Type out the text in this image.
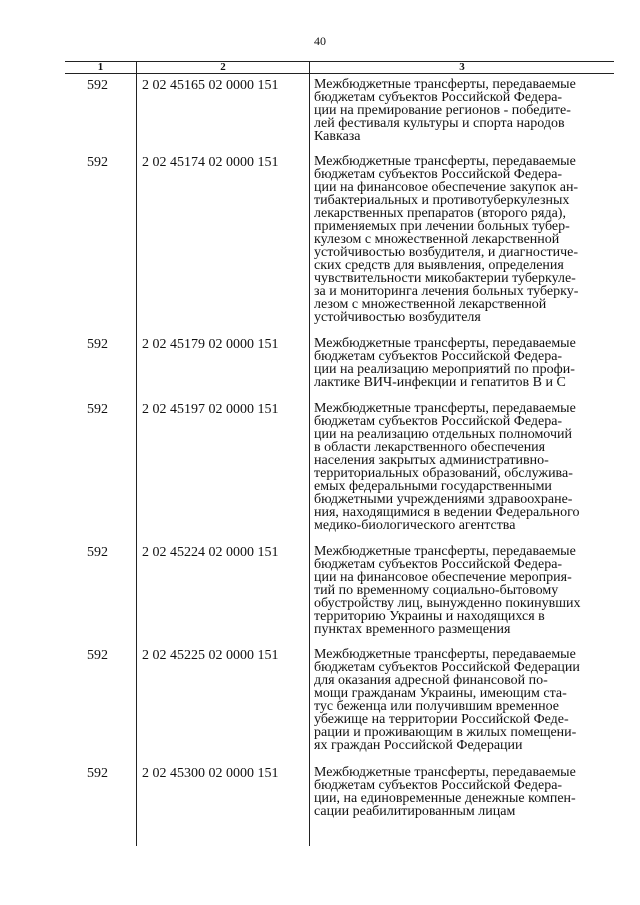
40
1	2	3
592	2 02 45165 02 0000 151	Межбюджетные трансферты, передаваемые
бюджетам субъектов Российской Федера-
ции на премирование регионов - победите-
лей фестиваля культуры и спорта народов
Кавказа
592	2 02 45174 02 0000 151	Межбюджетные трансферты, передаваемые
бюджетам субъектов Российской Федера-
ции на финансовое обеспечение закупок ан-
тибактериальных и противотуберкулезных
лекарственных препаратов (второго ряда),
применяемых при лечении больных тубер-
кулезом с множественной лекарственной
устойчивостью возбудителя, и диагностиче-
ских средств для выявления, определения
чувствительности микобактерии туберкуле-
за и мониторинга лечения больных туберку-
лезом с множественной лекарственной
устойчивостью возбудителя
592	2 02 45179 02 0000 151	Межбюджетные трансферты, передаваемые
бюджетам субъектов Российской Федера-
ции на реализацию мероприятий по профи-
лактике ВИЧ-инфекции и гепатитов В и С
592	2 02 45197 02 0000 151	Межбюджетные трансферты, передаваемые
бюджетам субъектов Российской Федера-
ции на реализацию отдельных полномочий
в области лекарственного обеспечения
населения закрытых административно-
территориальных образований, обслужива-
емых федеральными государственными
бюджетными учреждениями здравоохране-
ния, находящимися в ведении Федерального
медико-биологического агентства
592	2 02 45224 02 0000 151	Межбюджетные трансферты, передаваемые
бюджетам субъектов Российской Федера-
ции на финансовое обеспечение мероприя-
тий по временному социально-бытовому
обустройству лиц, вынужденно покинувших
территорию Украины и находящихся в
пунктах временного размещения
592	2 02 45225 02 0000 151	Межбюджетные трансферты, передаваемые
бюджетам субъектов Российской Федерации
для оказания адресной финансовой по-
мощи гражданам Украины, имеющим ста-
тус беженца или получившим временное
убежище на территории Российской Феде-
рации и проживающим в жилых помещени-
ях граждан Российской Федерации
592	2 02 45300 02 0000 151	Межбюджетные трансферты, передаваемые
бюджетам субъектов Российской Федера-
ции, на единовременные денежные компен-
сации реабилитированным лицам
